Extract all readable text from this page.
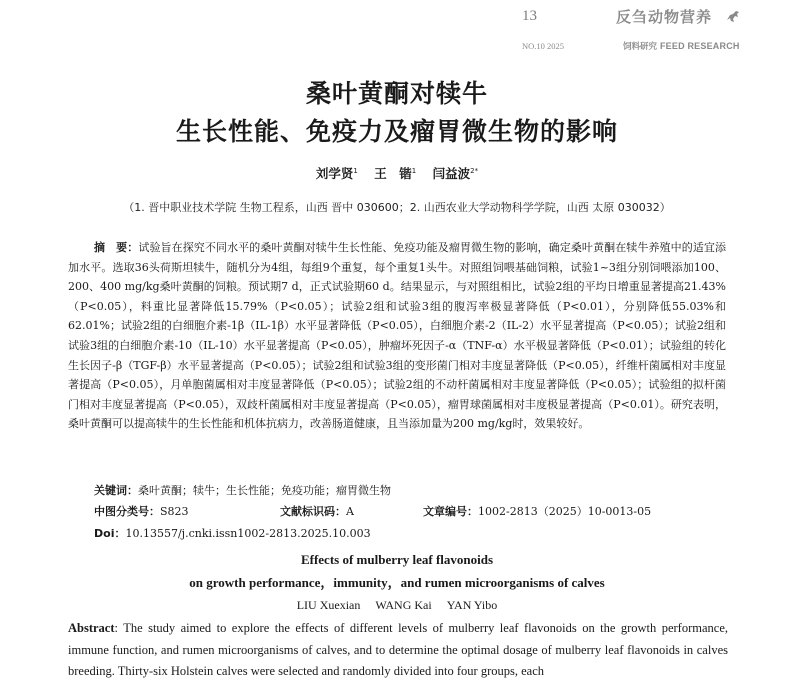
13	反刍动物营养
NO.10 2025	饲料研究 FEED RESEARCH
桑叶黄酮对犊牛
生长性能、免疫力及瘤胃微生物的影响
刘学贤$^1$ 王　锴$^1$ 闫益波$^{2*}$
（1. 晋中职业技术学院 生物工程系，山西 晋中 030600；2. 山西农业大学动物科学学院，山西 太原 030032）
摘　要：试验旨在探究不同水平的桑叶黄酮对犊牛生长性能、免疫功能及瘤胃微生物的影响，确定桑叶黄酮在犊牛养殖中的适宜添加水平。选取36头荷斯坦犊牛，随机分为4组，每组9个重复，每个重复1头牛。对照组饲喂基础饲粮，试验1~3组分别饲喂添加100、200、400 mg/kg桑叶黄酮的饲粮。预试期7 d，正式试验期60 d。结果显示，与对照组相比，试验2组的平均日增重显著提高21.43%（P<0.05），料重比显著降低15.79%（P<0.05）；试验2组和试验3组的腹泻率极显著降低（P<0.01），分别降低55.03%和62.01%；试验2组的白细胞介素-1β（IL-1β）水平显著降低（P<0.05），白细胞介素-2（IL-2）水平显著提高（P<0.05）；试验2组和试验3组的白细胞介素-10（IL-10）水平显著提高（P<0.05），肿瘤坏死因子-α（TNF-α）水平极显著降低（P<0.01）；试验组的转化生长因子-β（TGF-β）水平显著提高（P<0.05）；试验2组和试验3组的变形菌门相对丰度显著降低（P<0.05），纤维杆菌属相对丰度显著提高（P<0.05），月单胞菌属相对丰度显著降低（P<0.05）；试验2组的不动杆菌属相对丰度显著降低（P<0.05）；试验组的拟杆菌门相对丰度显著提高（P<0.05），双歧杆菌属相对丰度显著提高（P<0.05），瘤胃球菌属相对丰度极显著提高（P<0.01）。研究表明，桑叶黄酮可以提高犊牛的生长性能和机体抗病力，改善肠道健康，且当添加量为200 mg/kg时，效果较好。
关键词：桑叶黄酮；犊牛；生长性能；免疫功能；瘤胃微生物
中图分类号：S823	文献标识码：A	文章编号：1002-2813（2025）10-0013-05
Doi：10.13557/j.cnki.issn1002-2813.2025.10.003
Effects of mulberry leaf flavonoids
on growth performance，immunity，and rumen microorganisms of calves
LIU Xuexian WANG Kai YAN Yibo
Abstract: The study aimed to explore the effects of different levels of mulberry leaf flavonoids on the growth performance, immune function, and rumen microorganisms of calves, and to determine the optimal dosage of mulberry leaf flavonoids in calves breeding. Thirty-six Holstein calves were selected and randomly divided into four groups, each
